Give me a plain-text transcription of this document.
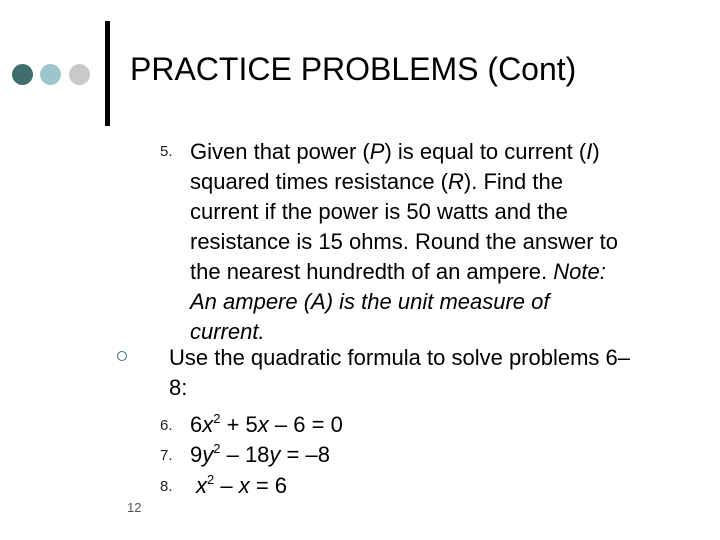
PRACTICE PROBLEMS (Cont)
5. Given that power (P) is equal to current (I)
squared times resistance (R). Find the
current if the power is 50 watts and the
resistance is 15 ohms. Round the answer to
the nearest hundredth of an ampere. Note:
An ampere (A) is the unit measure of
current.
Use the quadratic formula to solve problems 6–
8:
6. $6x^2 + 5x - 6 = 0$
7. $9y^2 - 18y = -8$
8. $x^2 - x = 6$
12
